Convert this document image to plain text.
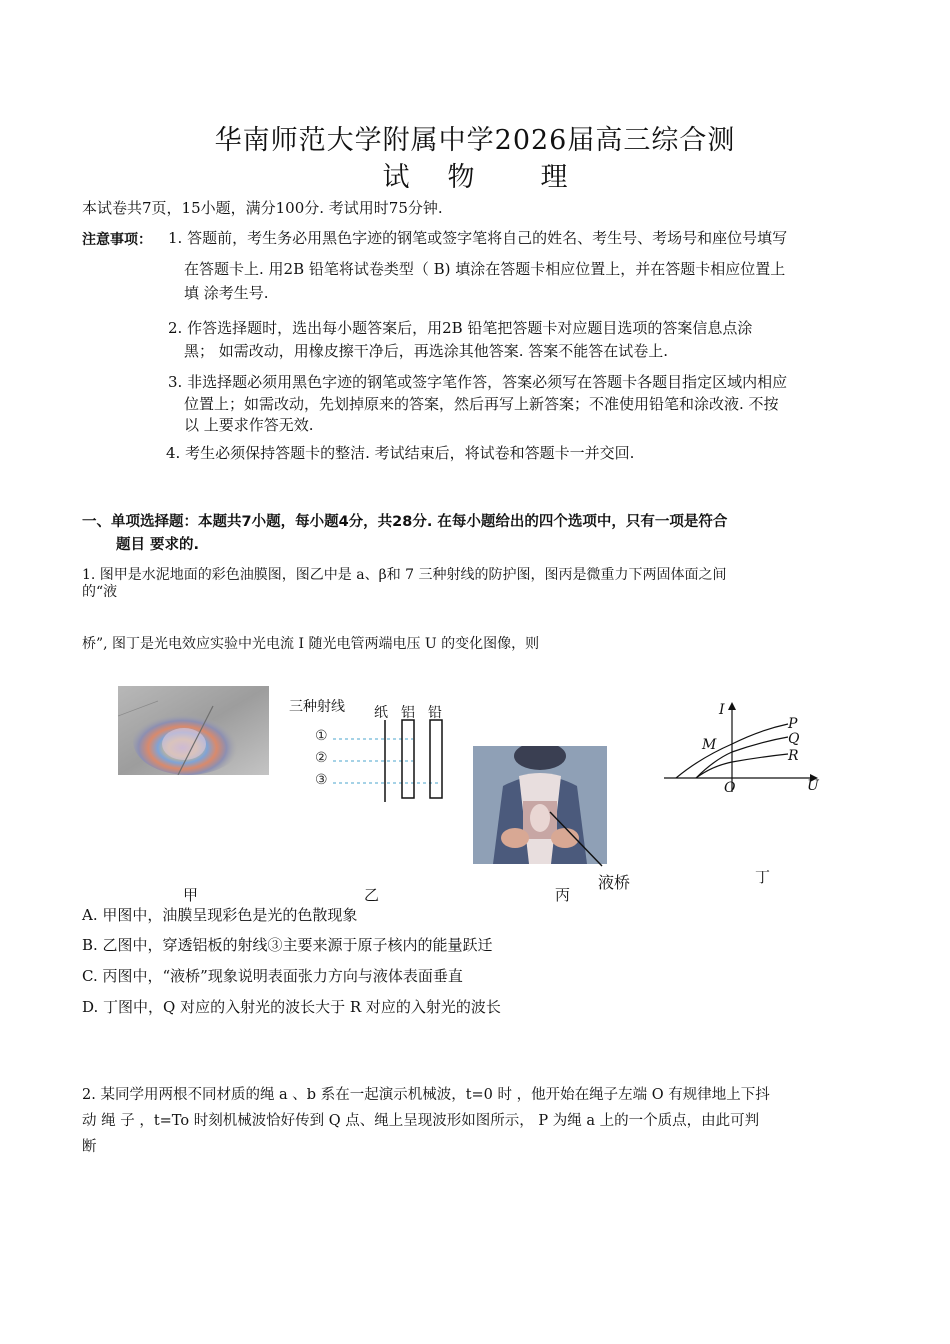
华南师范大学附属中学2026届高三综合测
试 物 理
本试卷共7页，15小题，满分100分. 考试用时75分钟.
注意事项： 1. 答题前，考生务必用黑色字迹的钢笔或签字笔将自己的姓名、考生号、考场号和座位号填写
在答题卡上. 用2B 铅笔将试卷类型（ B) 填涂在答题卡相应位置上，并在答题卡相应位置上
填 涂考生号.
2. 作答选择题时，选出每小题答案后，用2B 铅笔把答题卡对应题目选项的答案信息点涂
黑； 如需改动，用橡皮擦干净后，再选涂其他答案. 答案不能答在试卷上.
3. 非选择题必须用黑色字迹的钢笔或签字笔作答，答案必须写在答题卡各题目指定区域内相应
位置上；如需改动，先划掉原来的答案，然后再写上新答案；不准使用铅笔和涂改液. 不按
以 上要求作答无效.
4. 考生必须保持答题卡的整洁. 考试结束后，将试卷和答题卡一并交回.
一、单项选择题：本题共7小题，每小题4分，共28分. 在每小题给出的四个选项中，只有一项是符合
题目 要求的.
1. 图甲是水泥地面的彩色油膜图，图乙中是 a、β和 7 三种射线的防护图，图丙是微重力下两固体面之间
的“液
桥”, 图丁是光电效应实验中光电流 I 随光电管两端电压 U 的变化图像，则
三种射线 纸 铝 铅
①
②
③
液桥
I
U
O
M
P
Q
R
甲	乙	丙
丁
A. 甲图中，油膜呈现彩色是光的色散现象
B. 乙图中，穿透铝板的射线③主要来源于原子核内的能量跃迁
C. 丙图中，“液桥”现象说明表面张力方向与液体表面垂直
D. 丁图中，Q 对应的入射光的波长大于 R 对应的入射光的波长
2. 某同学用两根不同材质的绳 a 、b 系在一起演示机械波，t=0 时 ，他开始在绳子左端 O 有规律地上下抖
动 绳 子 ，t=To 时刻机械波恰好传到 Q 点、绳上呈现波形如图所示， P 为绳 a 上的一个质点，由此可判
断
